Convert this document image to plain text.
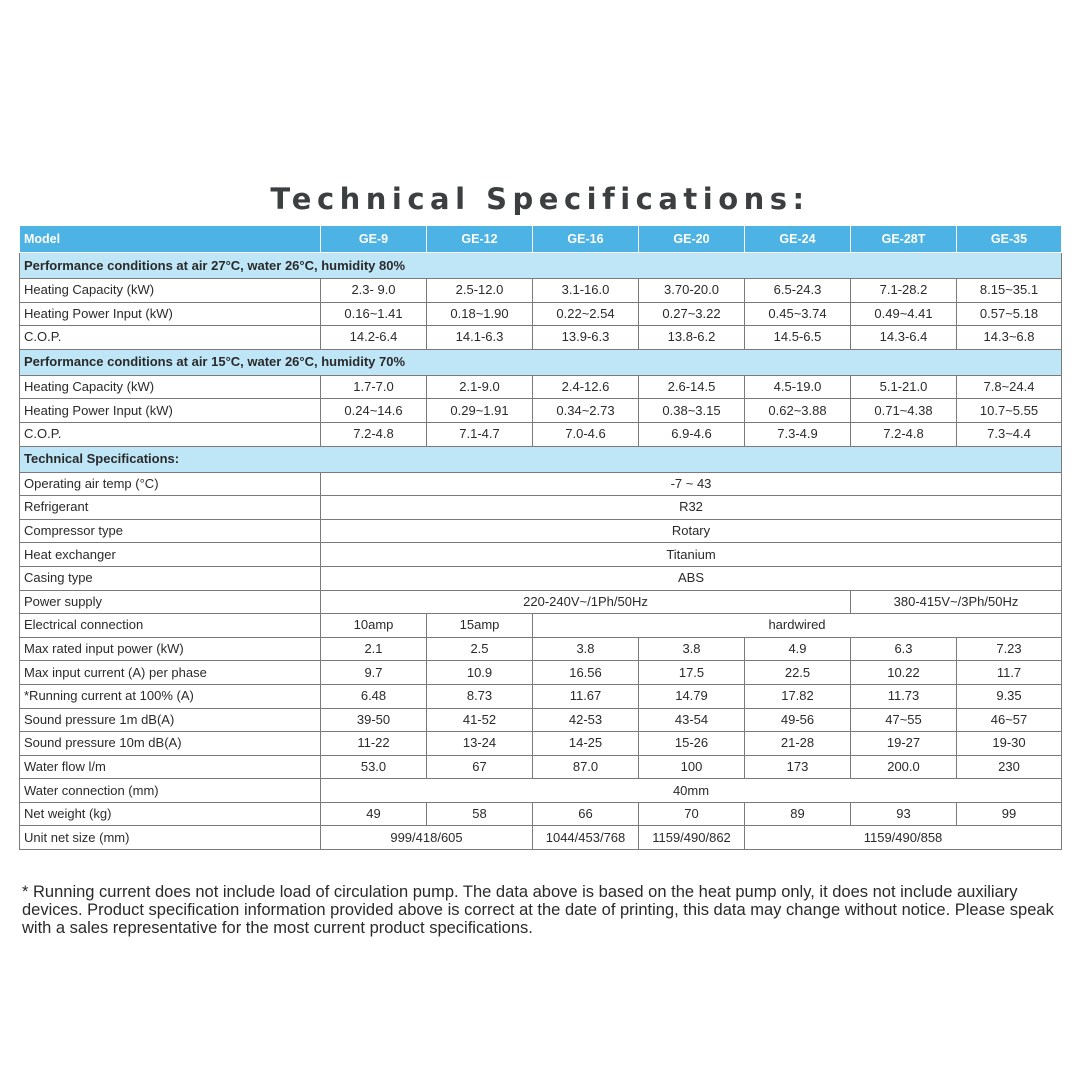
Technical Specifications:
Model	GE-9	GE-12	GE-16	GE-20	GE-24	GE-28T	GE-35
Performance conditions at air 27°C, water 26°C, humidity 80%							
Heating Capacity (kW)	2.3- 9.0	2.5-12.0	3.1-16.0	3.70-20.0	6.5-24.3	7.1-28.2	8.15~35.1
Heating Power Input (kW)	0.16~1.41	0.18~1.90	0.22~2.54	0.27~3.22	0.45~3.74	0.49~4.41	0.57~5.18
C.O.P.	14.2-6.4	14.1-6.3	13.9-6.3	13.8-6.2	14.5-6.5	14.3-6.4	14.3~6.8
Performance conditions at air 15°C, water 26°C, humidity 70%							
Heating Capacity (kW)	1.7-7.0	2.1-9.0	2.4-12.6	2.6-14.5	4.5-19.0	5.1-21.0	7.8~24.4
Heating Power Input (kW)	0.24~14.6	0.29~1.91	0.34~2.73	0.38~3.15	0.62~3.88	0.71~4.38	10.7~5.55
C.O.P.	7.2-4.8	7.1-4.7	7.0-4.6	6.9-4.6	7.3-4.9	7.2-4.8	7.3~4.4
Technical Specifications:							
Operating air temp (°C)	-7 ~ 43						
Refrigerant	R32						
Compressor type	Rotary						
Heat exchanger	Titanium						
Casing type	ABS						
Power supply	220-240V~/1Ph/50Hz					380-415V~/3Ph/50Hz	
Electrical connection	10amp	15amp	hardwired				
Max rated input power (kW)	2.1	2.5	3.8	3.8	4.9	6.3	7.23
Max input current (A) per phase	9.7	10.9	16.56	17.5	22.5	10.22	11.7
*Running current at 100% (A)	6.48	8.73	11.67	14.79	17.82	11.73	9.35
Sound pressure 1m dB(A)	39-50	41-52	42-53	43-54	49-56	47~55	46~57
Sound pressure 10m dB(A)	11-22	13-24	14-25	15-26	21-28	19-27	19-30
Water flow l/m	53.0	67	87.0	100	173	200.0	230
Water connection (mm)	40mm						
Net weight (kg)	49	58	66	70	89	93	99
Unit net size (mm)	999/418/605		1044/453/768	1159/490/862	1159/490/858		
* Running current does not include load of circulation pump. The data above is based on the heat pump only, it does not include auxiliary devices. Product specification information provided above is correct at the date of printing, this data may change without notice. Please speak with a sales representative for the most current product specifications.
